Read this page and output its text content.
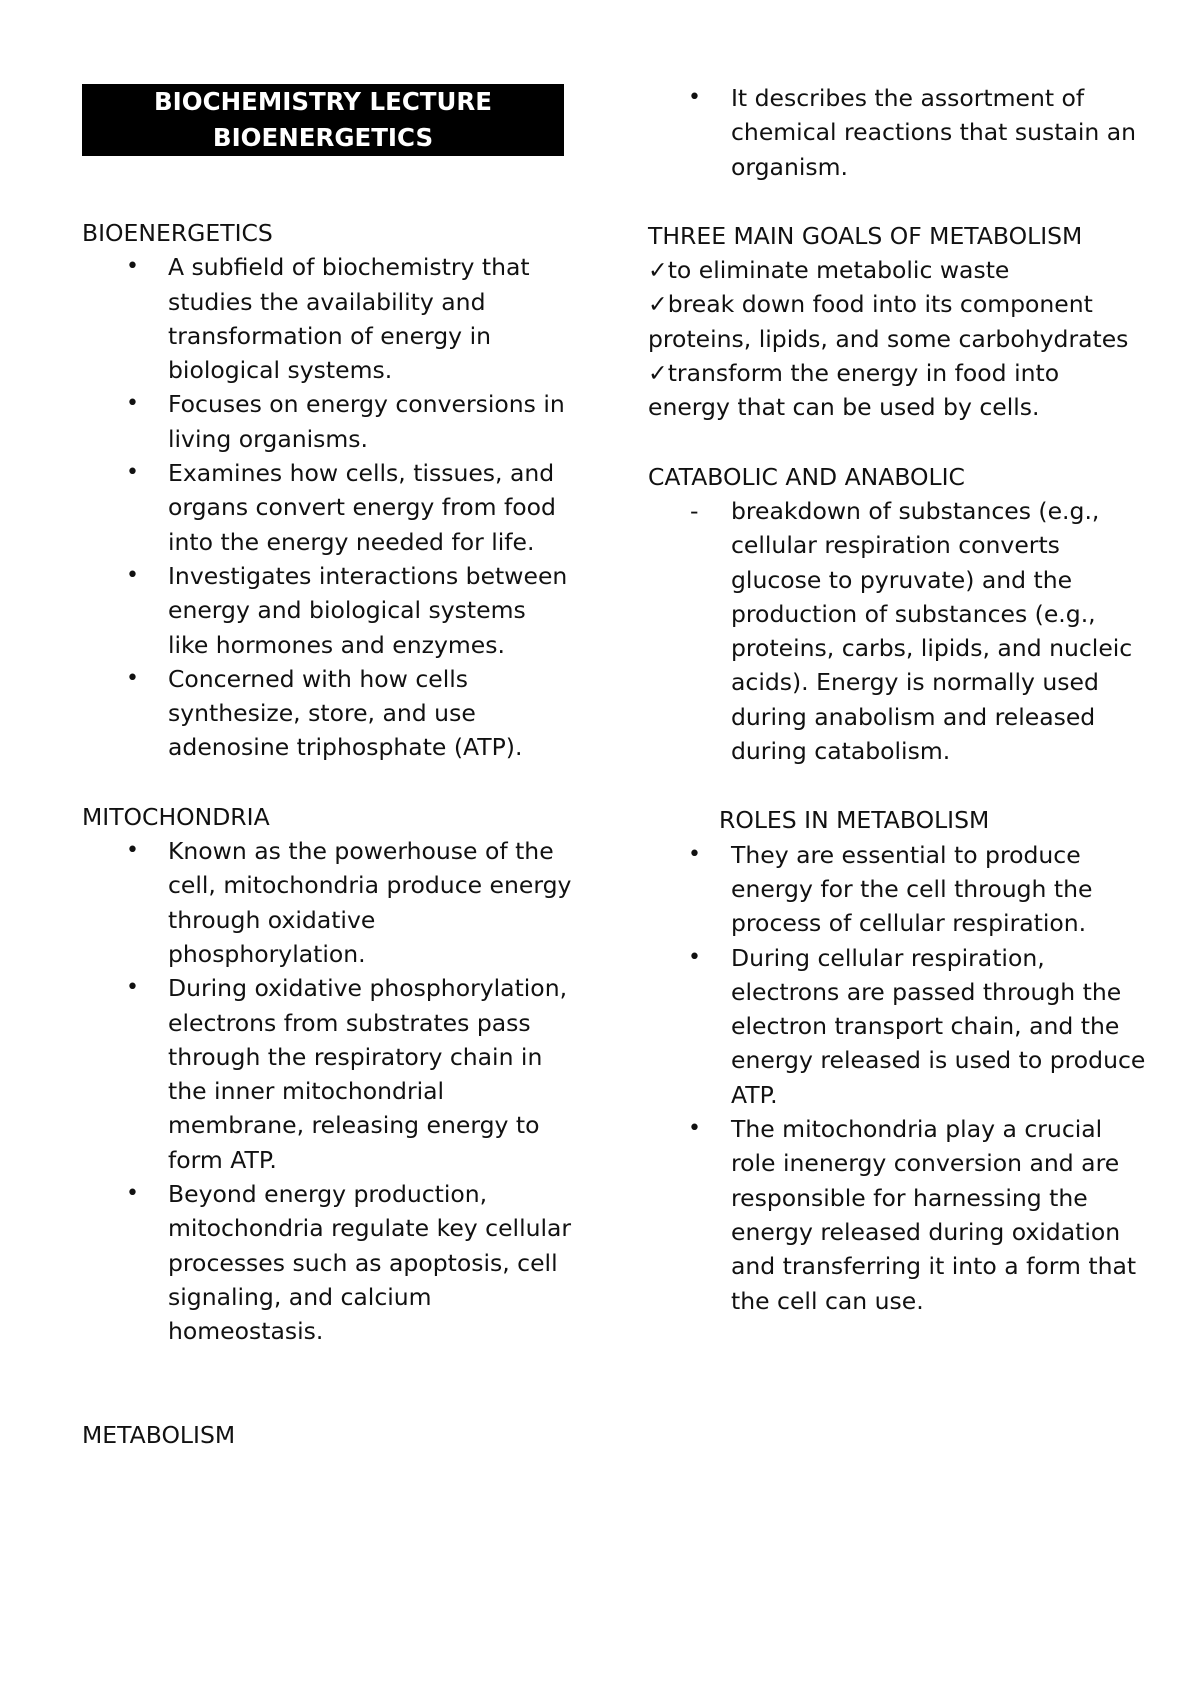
BIOCHEMISTRY LECTURE
BIOENERGETICS
BIOENERGETICS
• A subfield of biochemistry that studies the availability and transformation of energy in biological systems.
• Focuses on energy conversions in living organisms.
• Examines how cells, tissues, and organs convert energy from food into the energy needed for life.
• Investigates interactions between energy and biological systems like hormones and enzymes.
• Concerned with how cells synthesize, store, and use adenosine triphosphate (ATP).
MITOCHONDRIA
• Known as the powerhouse of the cell, mitochondria produce energy through oxidative phosphorylation.
• During oxidative phosphorylation, electrons from substrates pass through the respiratory chain in the inner mitochondrial membrane, releasing energy to form ATP.
• Beyond energy production, mitochondria regulate key cellular processes such as apoptosis, cell signaling, and calcium homeostasis.
METABOLISM
• It describes the assortment of chemical reactions that sustain an organism.
THREE MAIN GOALS OF METABOLISM
✓to eliminate metabolic waste
✓break down food into its component proteins, lipids, and some carbohydrates
✓transform the energy in food into energy that can be used by cells.
CATABOLIC AND ANABOLIC
- breakdown of substances (e.g., cellular respiration converts glucose to pyruvate) and the production of substances (e.g., proteins, carbs, lipids, and nucleic acids). Energy is normally used during anabolism and released during catabolism.
ROLES IN METABOLISM
• They are essential to produce energy for the cell through the process of cellular respiration.
• During cellular respiration, electrons are passed through the electron transport chain, and the energy released is used to produce ATP.
• The mitochondria play a crucial role inenergy conversion and are responsible for harnessing the energy released during oxidation and transferring it into a form that the cell can use.
